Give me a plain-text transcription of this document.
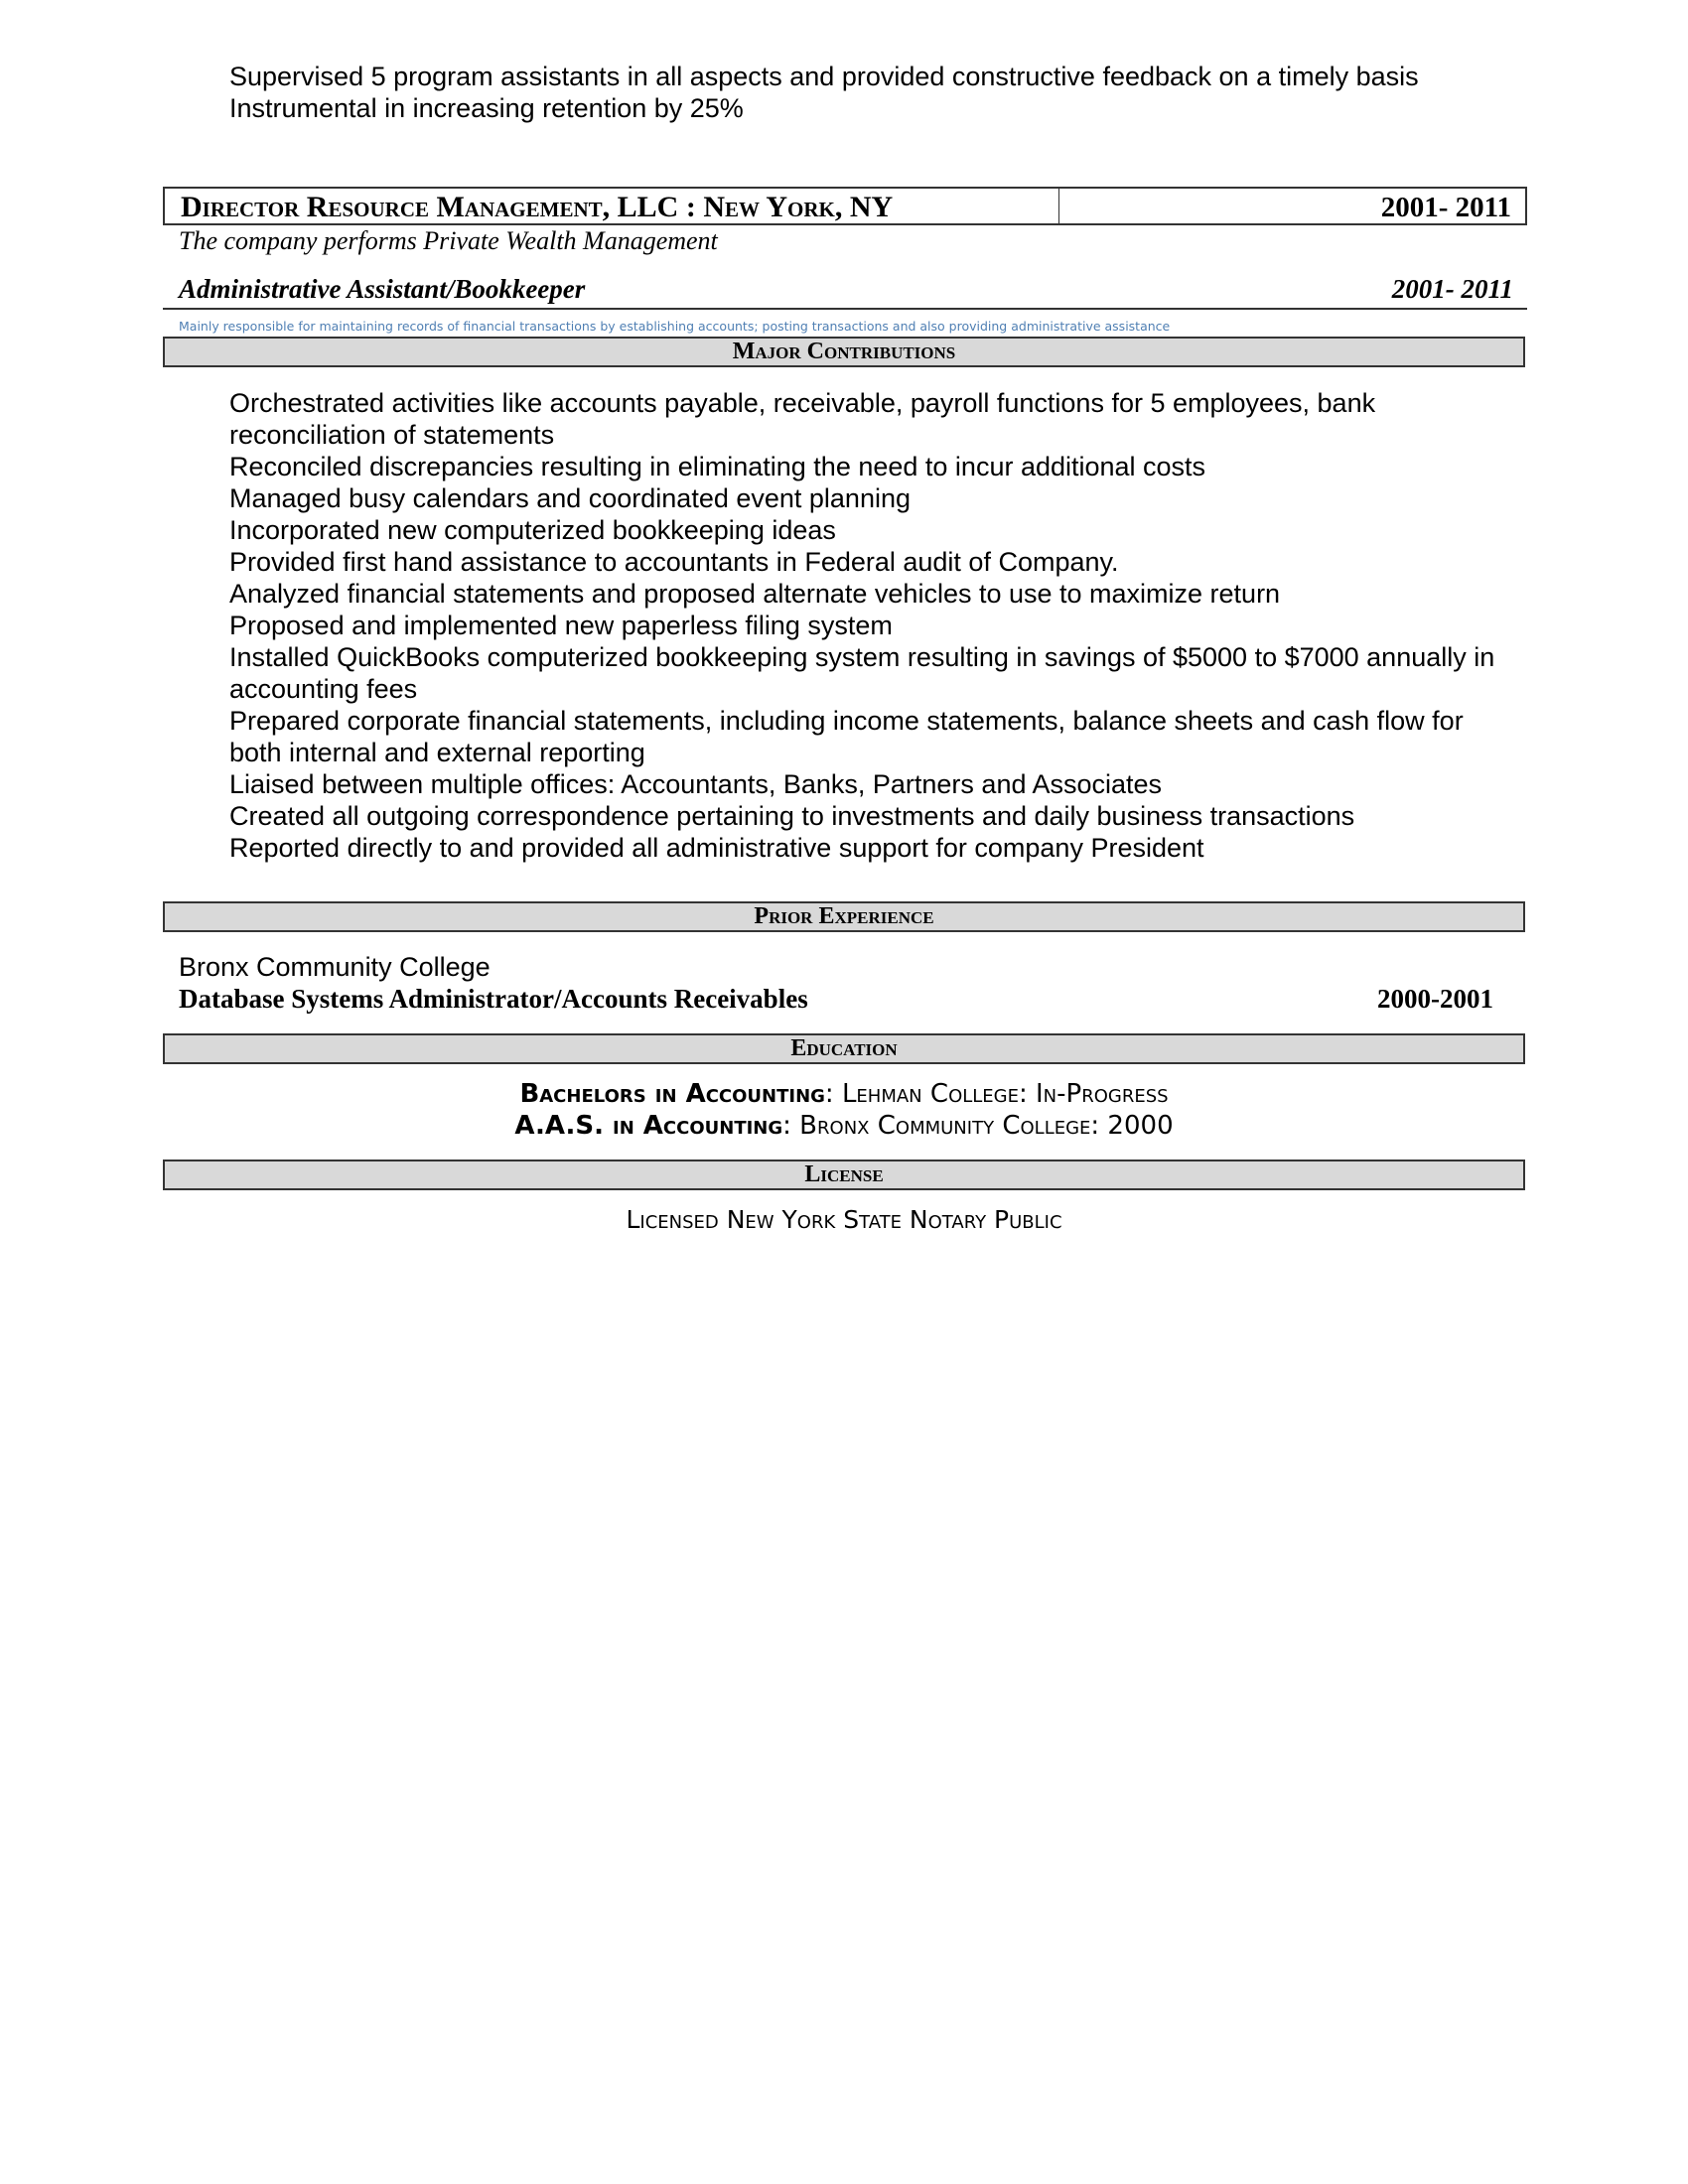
Supervised 5 program assistants in all aspects and provided constructive feedback on a timely basis
Instrumental in increasing retention by 25%
Director Resource Management, LLC : New York, NY	2001- 2011
The company performs Private Wealth Management
Administrative Assistant/Bookkeeper	2001- 2011
Mainly responsible for maintaining records of financial transactions by establishing accounts; posting transactions and also providing administrative assistance
Major Contributions
Orchestrated activities like accounts payable, receivable, payroll functions for 5 employees, bank reconciliation of statements
Reconciled discrepancies resulting in eliminating the need to incur additional costs
Managed busy calendars and coordinated event planning
Incorporated new computerized bookkeeping ideas
Provided first hand assistance to accountants in Federal audit of Company.
Analyzed financial statements and proposed alternate vehicles to use to maximize return
Proposed and implemented new paperless filing system
Installed QuickBooks computerized bookkeeping system resulting in savings of $5000 to $7000 annually in accounting fees
Prepared corporate financial statements, including income statements, balance sheets and cash flow for both internal and external reporting
Liaised between multiple offices: Accountants, Banks, Partners and Associates
Created all outgoing correspondence pertaining to investments and daily business transactions
Reported directly to and provided all administrative support for company President
Prior Experience
Bronx Community College
Database Systems Administrator/Accounts Receivables	2000-2001
Education
Bachelors in Accounting: Lehman College: In-Progress
A.A.S. in Accounting: Bronx Community College: 2000
License
Licensed New York State Notary Public
